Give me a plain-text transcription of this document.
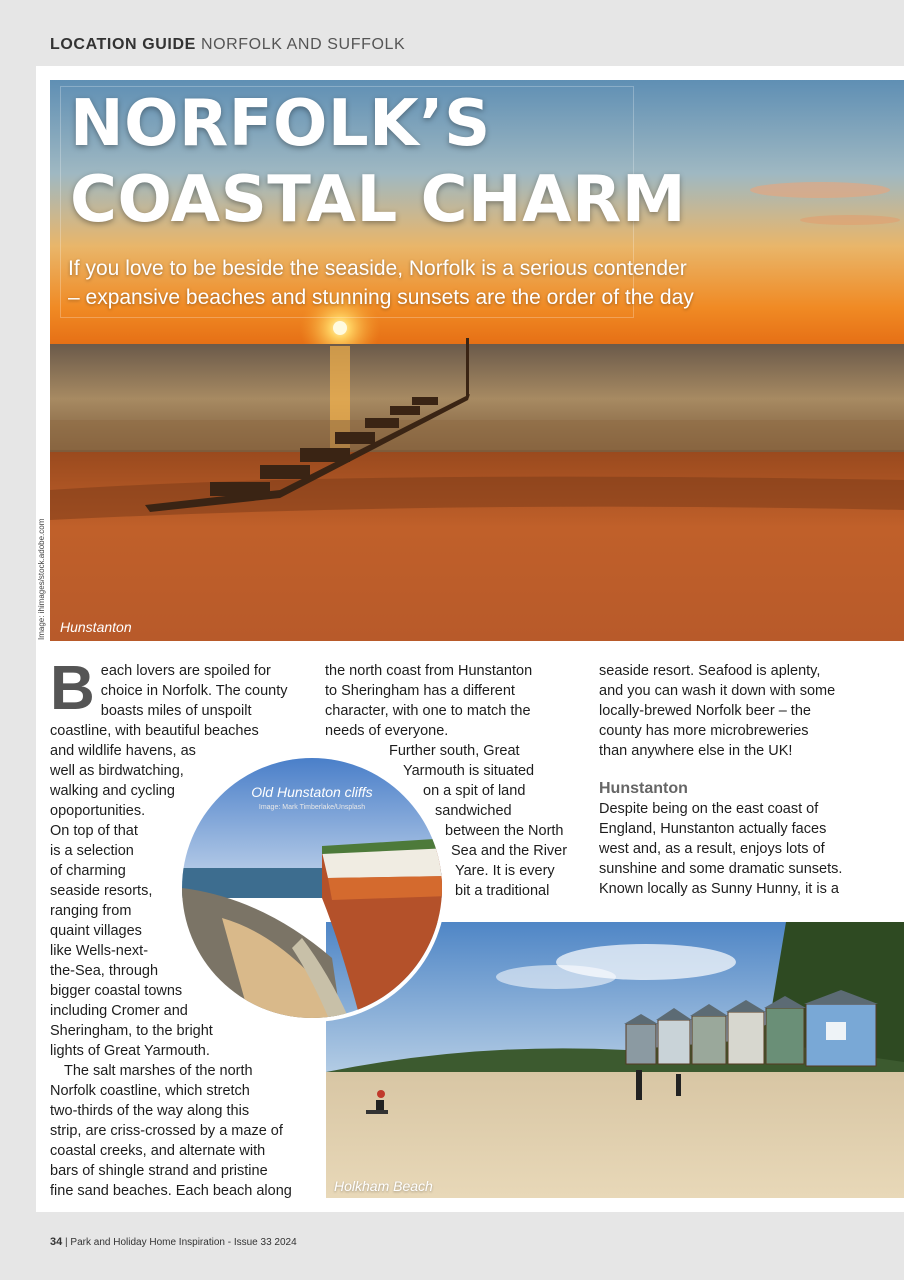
LOCATION GUIDE NORFOLK AND SUFFOLK
NORFOLK’S
COASTAL CHARM
If you love to be beside the seaside, Norfolk is a serious contender
– expansive beaches and stunning sunsets are the order of the day
Hunstanton
Image: ihimages/stock.adobe.com
B each lovers are spoiled for
choice in Norfolk. The county
boasts miles of unspoilt
coastline, with beautiful beaches
and wildlife havens, as
well as birdwatching,
walking and cycling
opoportunities.
On top of that
is a selection
of charming
seaside resorts,
ranging from
quaint villages
like Wells-next-
the-Sea, through
bigger coastal towns
including Cromer and
Sheringham, to the bright
lights of Great Yarmouth.
The salt marshes of the north
Norfolk coastline, which stretch
two-thirds of the way along this
strip, are criss-crossed by a maze of
coastal creeks, and alternate with
bars of shingle strand and pristine
fine sand beaches. Each beach along
the north coast from Hunstanton
to Sheringham has a different
character, with one to match the
needs of everyone.
Further south, Great
Yarmouth is situated
on a spit of land
sandwiched
between the North
Sea and the River
Yare. It is every
bit a traditional
seaside resort. Seafood is aplenty,
and you can wash it down with some
locally-brewed Norfolk beer – the
county has more microbreweries
than anywhere else in the UK!
Hunstanton
Despite being on the east coast of
England, Hunstanton actually faces
west and, as a result, enjoys lots of
sunshine and some dramatic sunsets.
Known locally as Sunny Hunny, it is a
Holkham Beach
Old Hunstaton cliffs
Image: Mark Timberlake/Unsplash
34 | Park and Holiday Home Inspiration - Issue 33 2024
